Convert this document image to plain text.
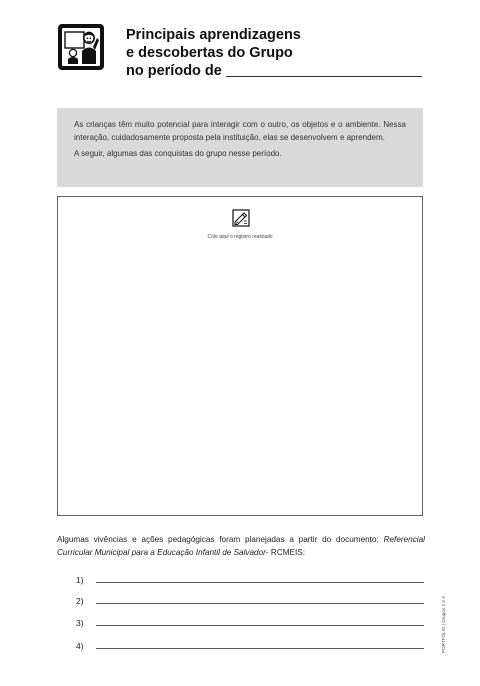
Principais aprendizagens
e descobertas do Grupo
no período de

As crianças têm muito potencial para interagir com o outro, os objetos e o ambiente. Nessa interação, cuidadosamente proposta pela instituição, elas se desenvolvem e aprendem.

A seguir, algumas das conquistas do grupo nesse período.

Cole aqui o registro realizado

Algumas vivências e ações pedagógicas foram planejadas a partir do documento: Referencial Curricular Municipal para a Educação Infantil de Salvador- RCMEIS:

1)
2)
3)
4)	PORTFÓLIO | Grupos 2 e 3
